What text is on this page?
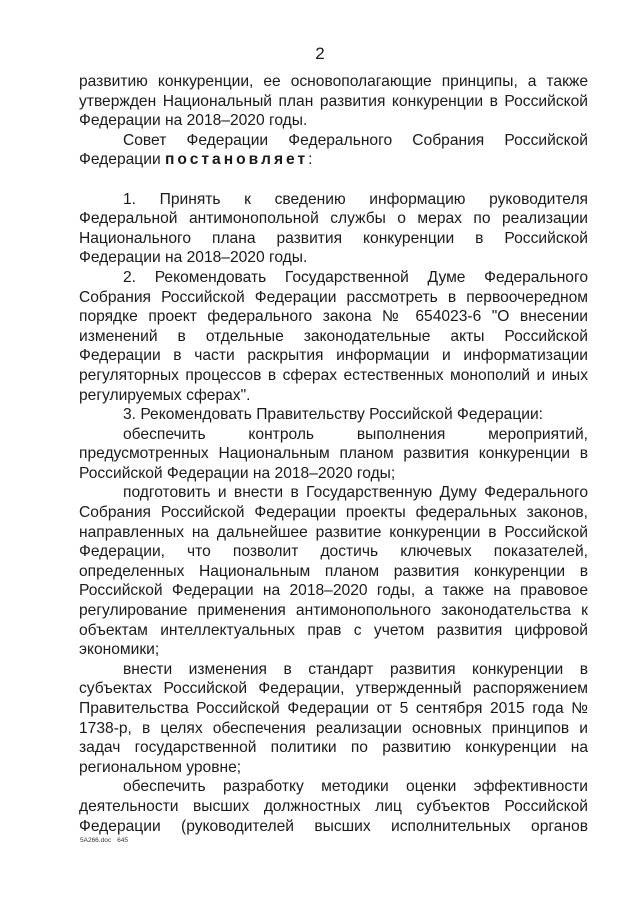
2

развитию конкуренции, ее основополагающие принципы, а также утвержден Национальный план развития конкуренции в Российской Федерации на 2018–2020 годы.

Совет Федерации Федерального Собрания Российской Федерации постановляет:

1. Принять к сведению информацию руководителя Федеральной антимонопольной службы о мерах по реализации Национального плана развития конкуренции в Российской Федерации на 2018–2020 годы.

2. Рекомендовать Государственной Думе Федерального Собрания Российской Федерации рассмотреть в первоочередном порядке проект федерального закона № 654023-6 "О внесении изменений в отдельные законодательные акты Российской Федерации в части раскрытия информации и информатизации регуляторных процессов в сферах естественных монополий и иных регулируемых сферах".

3. Рекомендовать Правительству Российской Федерации:

обеспечить контроль выполнения мероприятий, предусмотренных Национальным планом развития конкуренции в Российской Федерации на 2018–2020 годы;

подготовить и внести в Государственную Думу Федерального Собрания Российской Федерации проекты федеральных законов, направленных на дальнейшее развитие конкуренции в Российской Федерации, что позволит достичь ключевых показателей, определенных Национальным планом развития конкуренции в Российской Федерации на 2018–2020 годы, а также на правовое регулирование применения антимонопольного законодательства к объектам интеллектуальных прав с учетом развития цифровой экономики;

внести изменения в стандарт развития конкуренции в субъектах Российской Федерации, утвержденный распоряжением Правительства Российской Федерации от 5 сентября 2015 года № 1738-р, в целях обеспечения реализации основных принципов и задач государственной политики по развитию конкуренции на региональном уровне;

обеспечить разработку методики оценки эффективности деятельности высших должностных лиц субъектов Российской Федерации (руководителей высших исполнительных органов

5А266.doc 645
